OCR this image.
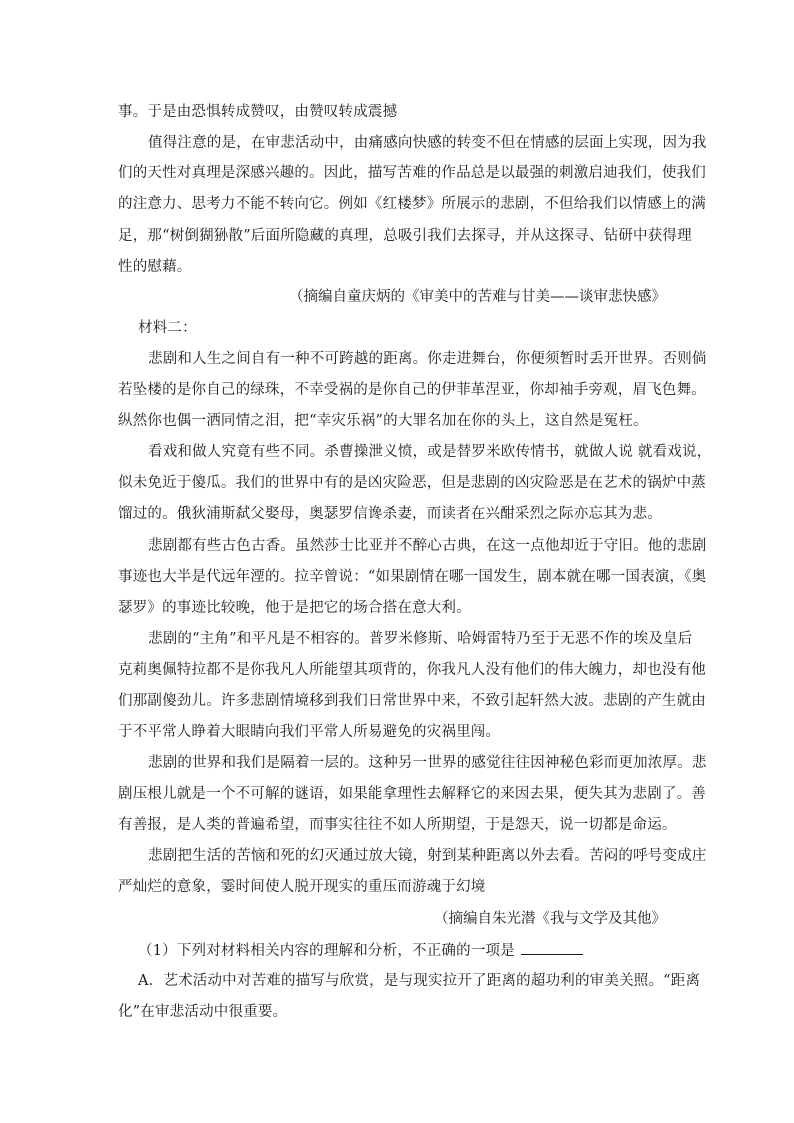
事。于是由恐惧转成赞叹，由赞叹转成震撼
值得注意的是，在审悲活动中，由痛感向快感的转变不但在情感的层面上实现，因为我
们的天性对真理是深感兴趣的。因此，描写苦难的作品总是以最强的刺激启迪我们，使我们
的注意力、思考力不能不转向它。例如《红楼梦》所展示的悲剧，不但给我们以情感上的满
足，那“树倒猢狲散”后面所隐藏的真理，总吸引我们去探寻，并从这探寻、钻研中获得理
性的慰藉。
（摘编自童庆炳的《审美中的苦难与甘美——谈审悲快感》
材料二：
悲剧和人生之间自有一种不可跨越的距离。你走进舞台，你便须暂时丢开世界。否则倘
若坠楼的是你自己的绿珠，不幸受祸的是你自己的伊菲革涅亚，你却袖手旁观，眉飞色舞。
纵然你也偶一洒同情之泪，把“幸灾乐祸”的大罪名加在你的头上，这自然是冤枉。
看戏和做人究竟有些不同。杀曹操泄义愤，或是替罗米欧传情书，就做人说 就看戏说，
似未免近于傻瓜。我们的世界中有的是凶灾险恶，但是悲剧的凶灾险恶是在艺术的锅炉中蒸
馏过的。俄狄浦斯弑父娶母，奥瑟罗信谗杀妻，而读者在兴酣采烈之际亦忘其为悲。
悲剧都有些古色古香。虽然莎士比亚并不醉心古典，在这一点他却近于守旧。他的悲剧
事迹也大半是代远年湮的。拉辛曾说：“如果剧情在哪一国发生，剧本就在哪一国表演，《奥
瑟罗》的事迹比较晚，他于是把它的场合搭在意大利。
悲剧的“主角”和平凡是不相容的。普罗米修斯、哈姆雷特乃至于无恶不作的埃及皇后
克莉奥佩特拉都不是你我凡人所能望其项背的，你我凡人没有他们的伟大魄力，却也没有他
们那副傻劲儿。许多悲剧情境移到我们日常世界中来，不致引起轩然大波。悲剧的产生就由
于不平常人睁着大眼睛向我们平常人所易避免的灾祸里闯。
悲剧的世界和我们是隔着一层的。这种另一世界的感觉往往因神秘色彩而更加浓厚。悲
剧压根儿就是一个不可解的谜语，如果能拿理性去解释它的来因去果，便失其为悲剧了。善
有善报，是人类的普遍希望，而事实往往不如人所期望，于是怨天，说一切都是命运。
悲剧把生活的苦恼和死的幻灭通过放大镜，射到某种距离以外去看。苦闷的呼号变成庄
严灿烂的意象，霎时间使人脱开现实的重压而游魂于幻境
（摘编自朱光潜《我与文学及其他》
（1）下列对材料相关内容的理解和分析，不正确的一项是
A．艺术活动中对苦难的描写与欣赏，是与现实拉开了距离的超功利的审美关照。“距离
化”在审悲活动中很重要。
